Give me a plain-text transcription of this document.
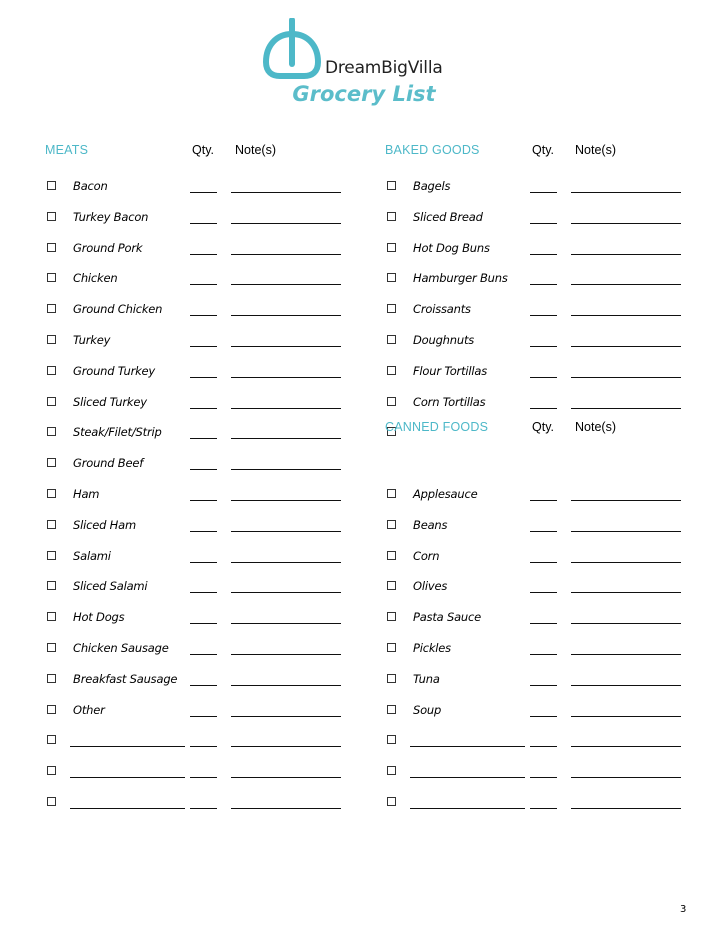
DreamBigVilla
Grocery List
MEATS	Qty. Note(s)
Bacon
Turkey Bacon
Ground Pork
Chicken
Ground Chicken
Turkey
Ground Turkey
Sliced Turkey
Steak/Filet/Strip
Ground Beef
Ham
Sliced Ham
Salami
Sliced Salami
Hot Dogs
Chicken Sausage
Breakfast Sausage
Other
BAKED GOODS	Qty. Note(s)
Bagels
Sliced Bread
Hot Dog Buns
Hamburger Buns
Croissants
Doughnuts
Flour Tortillas
Corn Tortillas
CANNED FOODS	Qty. Note(s)
Applesauce
Beans
Corn
Olives
Pasta Sauce
Pickles
Tuna
Soup
3
